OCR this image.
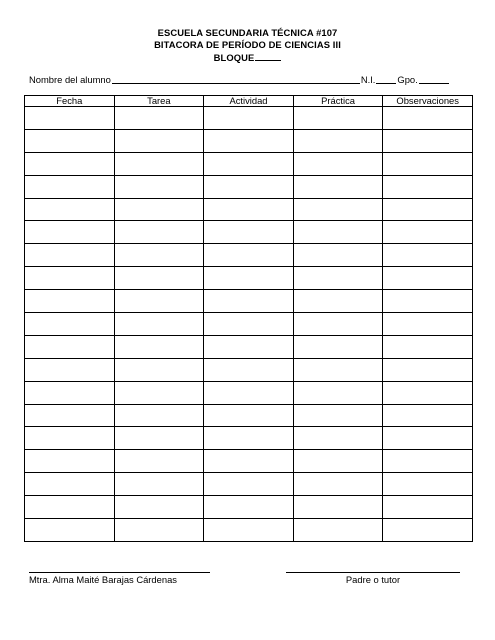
ESCUELA SECUNDARIA TÉCNICA #107
BITACORA DE PERÍODO DE CIENCIAS III
BLOQUE
Nombre del alumno	N.I. Gpo.
Fecha	Tarea	Actividad	Práctica	Observaciones

Mtra. Alma Maité Barajas Cárdenas	Padre o tutor
